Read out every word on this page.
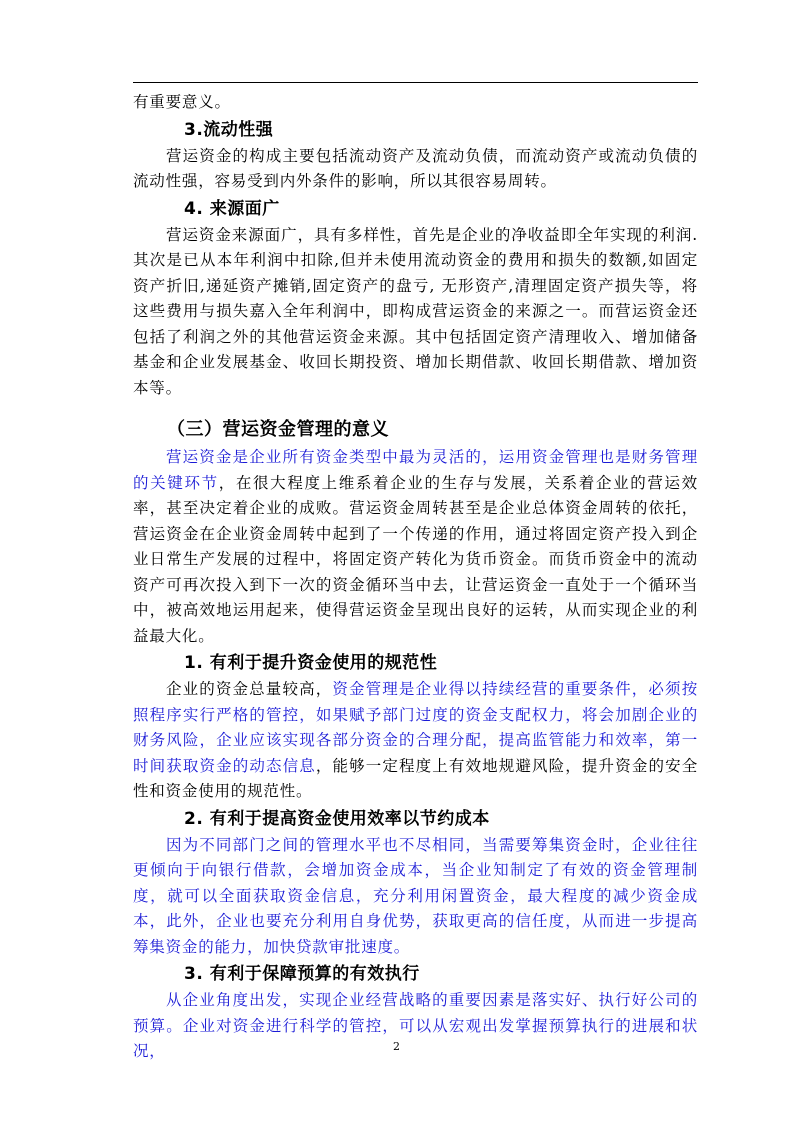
有重要意义。

3.流动性强

营运资金的构成主要包括流动资产及流动负债，而流动资产或流动负债的流动性强，容易受到内外条件的影响，所以其很容易周转。

4. 来源面广

营运资金来源面广，具有多样性，首先是企业的净收益即全年实现的利润.其次是已从本年利润中扣除,但并未使用流动资金的费用和损失的数额,如固定资产折旧,递延资产摊销,固定资产的盘亏, 无形资产,清理固定资产损失等，将这些费用与损失嘉入全年利润中，即构成营运资金的来源之一。而营运资金还包括了利润之外的其他营运资金来源。其中包括固定资产清理收入、增加储备基金和企业发展基金、收回长期投资、增加长期借款、收回长期借款、增加资本等。

（三）营运资金管理的意义

营运资金是企业所有资金类型中最为灵活的，运用资金管理也是财务管理的关键环节，在很大程度上维系着企业的生存与发展，关系着企业的营运效率，甚至决定着企业的成败。营运资金周转甚至是企业总体资金周转的依托，营运资金在企业资金周转中起到了一个传递的作用，通过将固定资产投入到企业日常生产发展的过程中，将固定资产转化为货币资金。而货币资金中的流动资产可再次投入到下一次的资金循环当中去，让营运资金一直处于一个循环当中，被高效地运用起来，使得营运资金呈现出良好的运转，从而实现企业的利益最大化。

1. 有利于提升资金使用的规范性

企业的资金总量较高，资金管理是企业得以持续经营的重要条件，必须按照程序实行严格的管控，如果赋予部门过度的资金支配权力，将会加剧企业的财务风险，企业应该实现各部分资金的合理分配，提高监管能力和效率，第一时间获取资金的动态信息，能够一定程度上有效地规避风险，提升资金的安全性和资金使用的规范性。

2. 有利于提高资金使用效率以节约成本

因为不同部门之间的管理水平也不尽相同，当需要筹集资金时，企业往往更倾向于向银行借款，会增加资金成本，当企业知制定了有效的资金管理制度，就可以全面获取资金信息，充分利用闲置资金，最大程度的减少资金成本，此外，企业也要充分利用自身优势，获取更高的信任度，从而进一步提高筹集资金的能力，加快贷款审批速度。

3. 有利于保障预算的有效执行

从企业角度出发，实现企业经营战略的重要因素是落实好、执行好公司的预算。企业对资金进行科学的管控，可以从宏观出发掌握预算执行的进展和状况，	2
